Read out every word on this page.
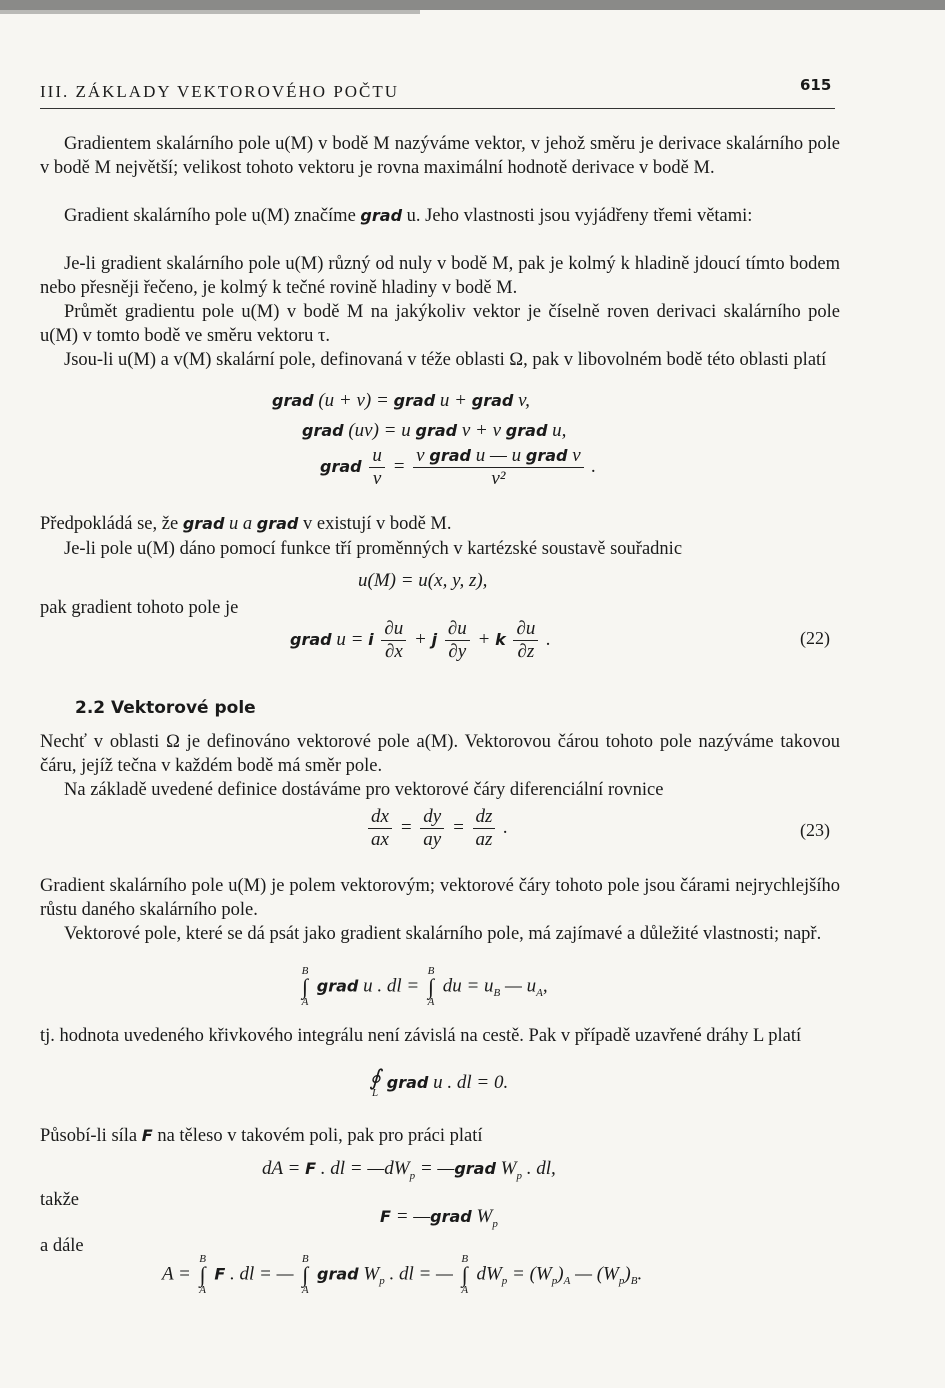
III. ZÁKLADY VEKTOROVÉHO POČTU	615
Gradientem skalárního pole u(M) v bodě M nazýváme vektor, v jehož směru je derivace skalárního pole v bodě M největší; velikost tohoto vektoru je rovna maximální hodnotě derivace v bodě M.
Gradient skalárního pole u(M) značíme grad u. Jeho vlastnosti jsou vyjádřeny třemi větami:
Je-li gradient skalárního pole u(M) různý od nuly v bodě M, pak je kolmý k hladině jdoucí tímto bodem nebo přesněji řečeno, je kolmý k tečné rovině hladiny v bodě M.
Průmět gradientu pole u(M) v bodě M na jakýkoliv vektor je číselně roven derivaci skalárního pole u(M) v tomto bodě ve směru vektoru τ.
Jsou-li u(M) a v(M) skalární pole, definovaná v téže oblasti Ω, pak v libovolném bodě této oblasti platí
grad (u + v) = grad u + grad v,
grad (uv) = u grad v + v grad u,
grad $\frac{u}{v} = \frac{\text{v grad u — u grad v}}{\text{v²}}$ .
Předpokládá se, že grad u a grad v existují v bodě M.
Je-li pole u(M) dáno pomocí funkce tří proměnných v kartézské soustavě souřadnic
u(M) = u(x, y, z),
pak gradient tohoto pole je
grad u = i $\frac{\partial u}{\partial x} + j \frac{\partial u}{\partial y} + k \frac{\partial u}{\partial z}$ .	(22)
2.2 Vektorové pole
Nechť v oblasti Ω je definováno vektorové pole a(M). Vektorovou čárou tohoto pole nazýváme takovou čáru, jejíž tečna v každém bodě má směr pole.
Na základě uvedené definice dostáváme pro vektorové čáry diferenciální rovnice
$\frac{dx}{ax} = \frac{dy}{ay} = \frac{dz}{az}$ .	(23)
Gradient skalárního pole u(M) je polem vektorovým; vektorové čáry tohoto pole jsou čárami nejrychlejšího růstu daného skalárního pole.
Vektorové pole, které se dá psát jako gradient skalárního pole, má zajímavé a důležité vlastnosti; např.
B
∫
A
grad u . dl =
B
∫
A
du = $u_B$ — $u_A$,
tj. hodnota uvedeného křivkového integrálu není závislá na cestě. Pak v případě uzavřené dráhy L platí
∮
L
grad u . dl = 0.
Působí-li síla F na těleso v takovém poli, pak pro práci platí
dA = F . dl = $—dW_p$ = —grad $W_p$ . dl,
takže
F = —grad $W_p$
a dále
A =
B
∫
A
F . dl = —
B
∫
A
grad $W_p$ . dl = —
B
∫
A
$dW_p = (W_p)_A$ — $(W_p)_B$.
